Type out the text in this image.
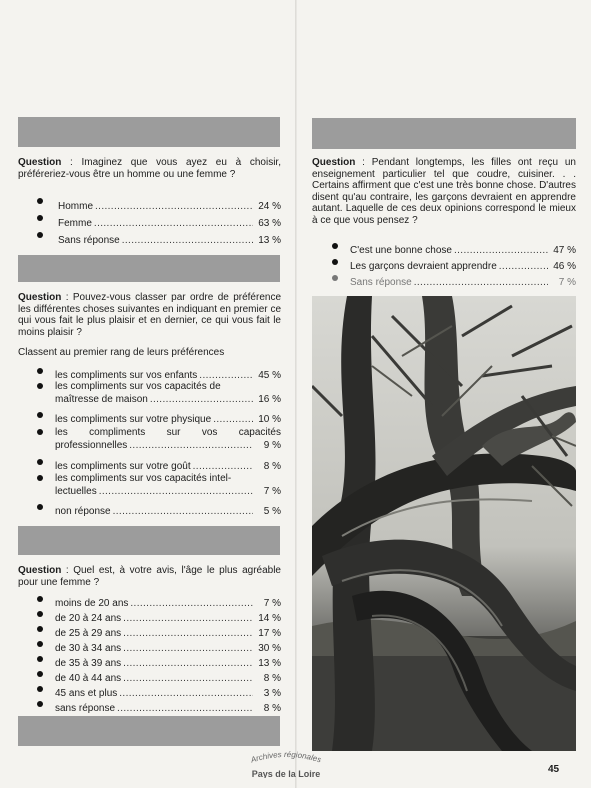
Question : Imaginez que vous ayez eu à choisir, préféreriez-vous être un homme ou une femme ?
Homme . . .	24 %
Femme . . .	63 %
Sans réponse . . .	13 %
Question : Pouvez-vous classer par ordre de préférence les différentes choses suivantes en indiquant en premier ce qui vous fait le plus plaisir et en dernier, ce qui vous fait le moins plaisir ?
Classent au premier rang de leurs préférences
les compliments sur vos enfants . . .	45 %
les compliments sur vos capacités de
maîtresse de maison . . .	16 %
les compliments sur votre physique . . .	10 %
les compliments sur vos capacités
professionnelles . . .	9 %
les compliments sur votre goût . . .	8 %
les compliments sur vos capacités intel-
lectuelles . . .	7 %
non réponse . . .	5 %
Question : Quel est, à votre avis, l'âge le plus agréable pour une femme ?
moins de 20 ans . . .	7 %
de 20 à 24 ans . . .	14 %
de 25 à 29 ans . . .	17 %
de 30 à 34 ans . . .	30 %
de 35 à 39 ans . . .	13 %
de 40 à 44 ans . . .	8 %
45 ans et plus . . .	3 %
sans réponse . . .	8 %
Question : Pendant longtemps, les filles ont reçu un enseignement particulier tel que coudre, cuisiner. . . Certains affirment que c'est une très bonne chose. D'autres disent qu'au contraire, les garçons devraient en apprendre autant. Laquelle de ces deux opinions correspond le mieux à ce que vous pensez ?
C'est une bonne chose . . .	47 %
Les garçons devraient apprendre . . .	46 %
Sans réponse . . .	7 %
Archives régionales
Pays de la Loire	45
